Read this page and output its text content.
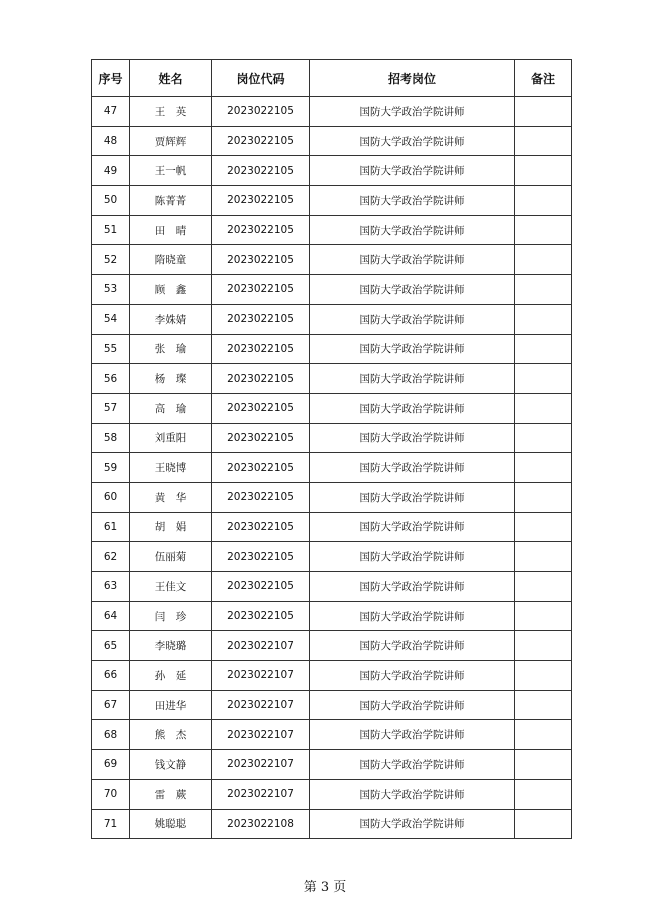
序号	姓名	岗位代码	招考岗位	备注
47	王　英	2023022105	国防大学政治学院讲师	
48	贾辉辉	2023022105	国防大学政治学院讲师	
49	王一帆	2023022105	国防大学政治学院讲师	
50	陈菁菁	2023022105	国防大学政治学院讲师	
51	田　晴	2023022105	国防大学政治学院讲师	
52	隋晓童	2023022105	国防大学政治学院讲师	
53	顾　鑫	2023022105	国防大学政治学院讲师	
54	李姝婧	2023022105	国防大学政治学院讲师	
55	张　瑜	2023022105	国防大学政治学院讲师	
56	杨　璨	2023022105	国防大学政治学院讲师	
57	高　瑜	2023022105	国防大学政治学院讲师	
58	刘重阳	2023022105	国防大学政治学院讲师	
59	王晓博	2023022105	国防大学政治学院讲师	
60	黄　华	2023022105	国防大学政治学院讲师	
61	胡　娟	2023022105	国防大学政治学院讲师	
62	伍丽菊	2023022105	国防大学政治学院讲师	
63	王佳文	2023022105	国防大学政治学院讲师	
64	闫　珍	2023022105	国防大学政治学院讲师	
65	李晓璐	2023022107	国防大学政治学院讲师	
66	孙　延	2023022107	国防大学政治学院讲师	
67	田进华	2023022107	国防大学政治学院讲师	
68	熊　杰	2023022107	国防大学政治学院讲师	
69	钱文静	2023022107	国防大学政治学院讲师	
70	雷　蕨	2023022107	国防大学政治学院讲师	
71	姚聪聪	2023022108	国防大学政治学院讲师	
第 3 页
